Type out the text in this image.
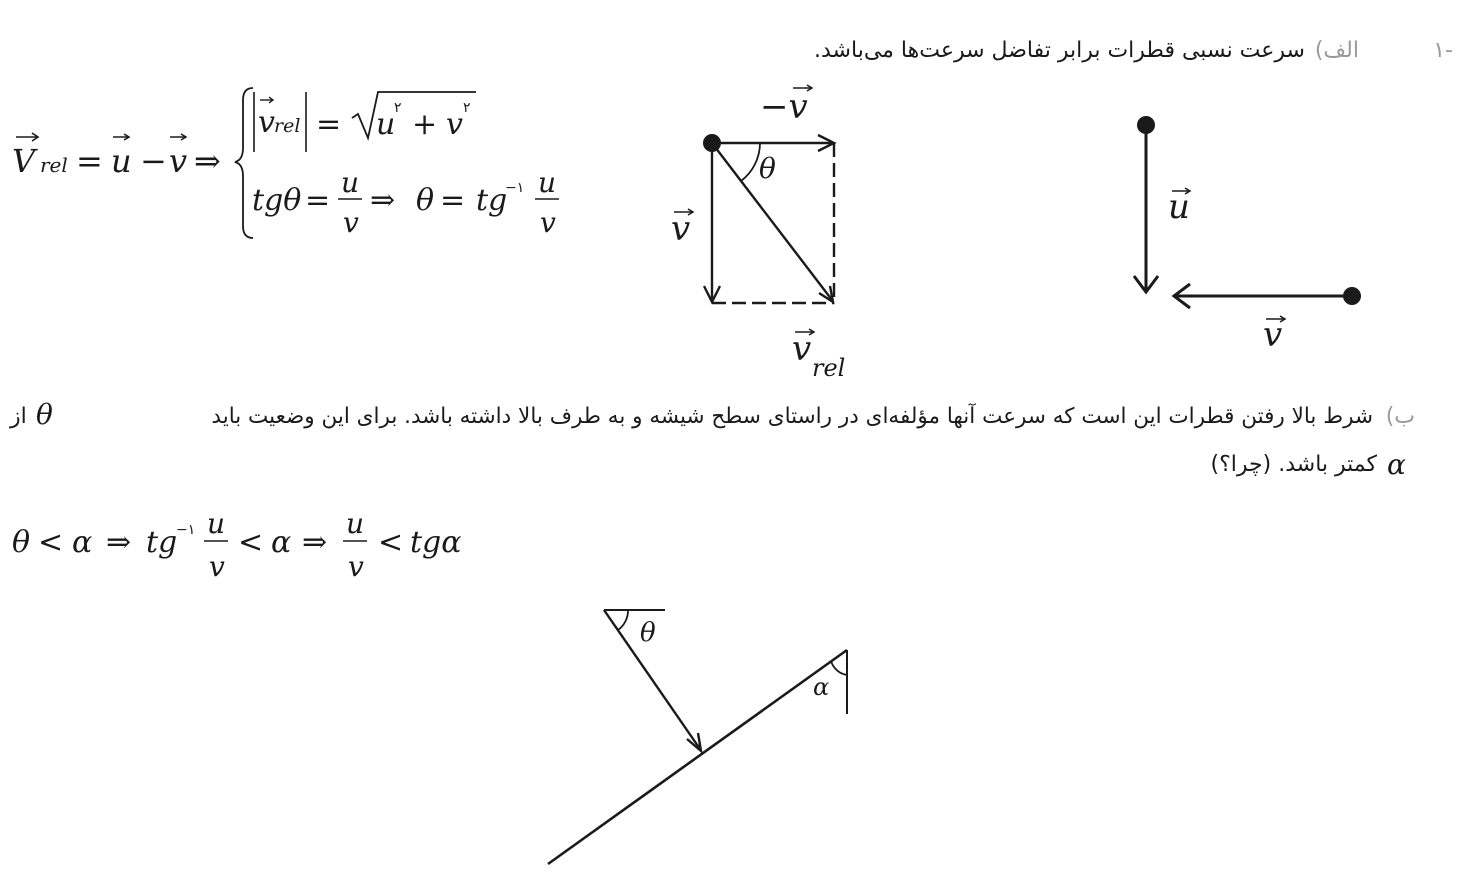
-۱
الف)
سرعت نسبی قطرات برابر تفاضل سرعت‌ها می‌باشد.
V rel = u − v ⇒
v rel = u
۲ + v ۲
tgθ =
u
v
⇒ θ = tg
−۱ u
v
−v
θ
v
v rel
u
v
ب)
شرط بالا رفتن قطرات این است که سرعت آنها مؤلفه‌ای در راستای سطح شیشه و به طرف بالا داشته باشد. برای این وضعیت باید
θ
از
α
کمتر باشد. (چرا؟)
θ < α ⇒ tg
−۱ u
v
< α ⇒
u
v
< tgα
θ
α
